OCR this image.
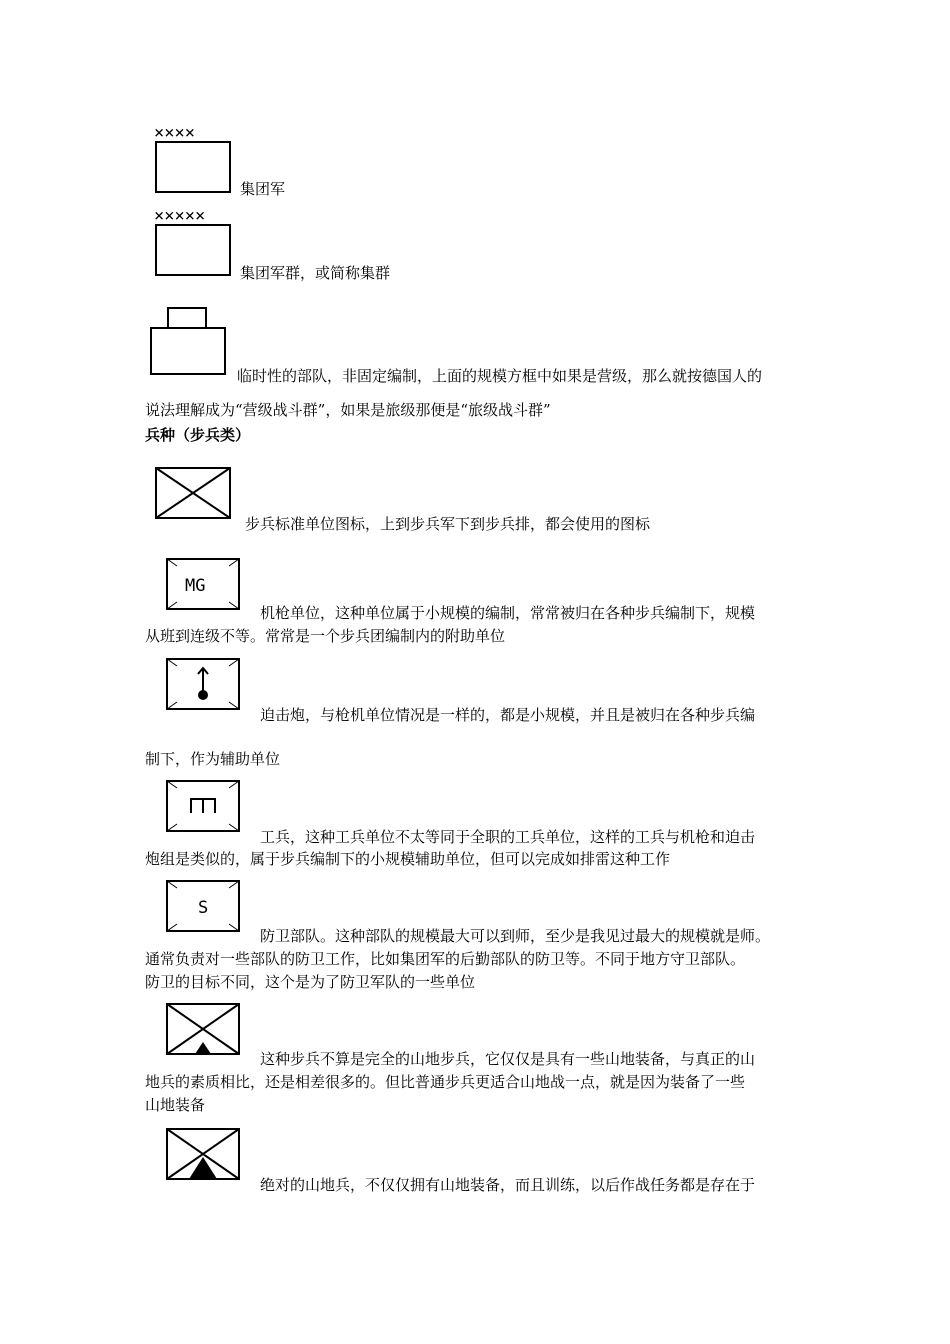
××××
集团军
×××××
集团军群，或简称集群
临时性的部队，非固定编制，上面的规模方框中如果是营级，那么就按德国人的
说法理解成为“营级战斗群”，如果是旅级那便是“旅级战斗群”
兵种（步兵类）
步兵标准单位图标，上到步兵军下到步兵排，都会使用的图标
MG
机枪单位，这种单位属于小规模的编制，常常被归在各种步兵编制下，规模
从班到连级不等。常常是一个步兵团编制内的附助单位
迫击炮，与枪机单位情况是一样的，都是小规模，并且是被归在各种步兵编
制下，作为辅助单位
工兵，这种工兵单位不太等同于全职的工兵单位，这样的工兵与机枪和迫击
炮组是类似的，属于步兵编制下的小规模辅助单位，但可以完成如排雷这种工作
S
防卫部队。这种部队的规模最大可以到师，至少是我见过最大的规模就是师。
通常负责对一些部队的防卫工作，比如集团军的后勤部队的防卫等。不同于地方守卫部队。
防卫的目标不同，这个是为了防卫军队的一些单位
这种步兵不算是完全的山地步兵，它仅仅是具有一些山地装备，与真正的山
地兵的素质相比，还是相差很多的。但比普通步兵更适合山地战一点，就是因为装备了一些
山地装备
绝对的山地兵，不仅仅拥有山地装备，而且训练，以后作战任务都是存在于
